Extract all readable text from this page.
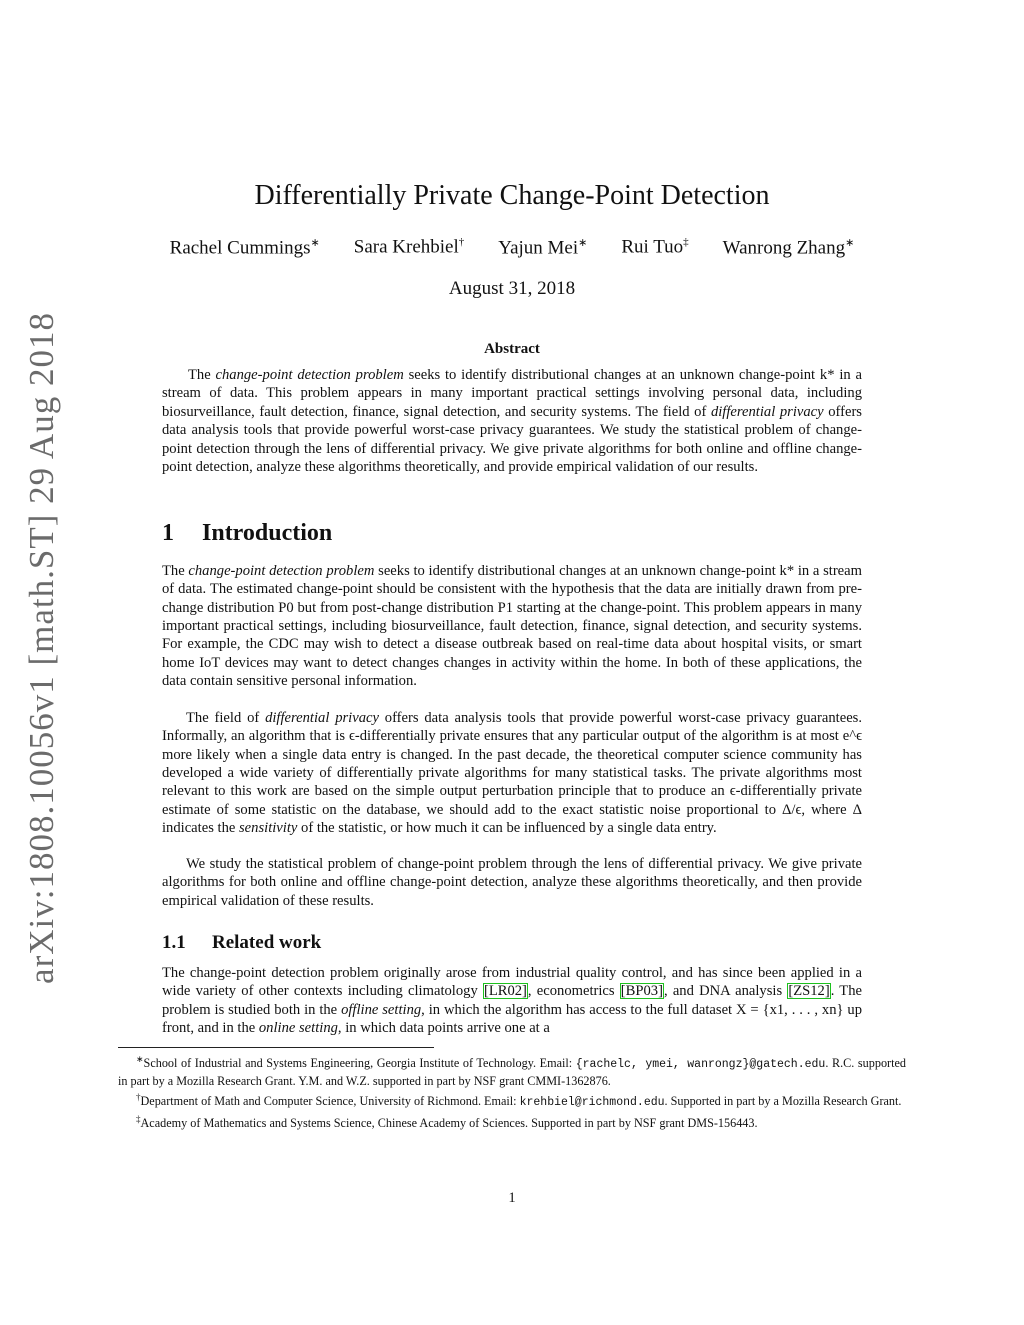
arXiv:1808.10056v1 [math.ST] 29 Aug 2018
Differentially Private Change-Point Detection
Rachel Cummings∗ Sara Krehbiel† Yajun Mei∗ Rui Tuo‡ Wanrong Zhang∗
August 31, 2018
Abstract

The change-point detection problem seeks to identify distributional changes at an unknown change-point k* in a stream of data. This problem appears in many important practical settings involving personal data, including biosurveillance, fault detection, finance, signal detection, and security systems. The field of differential privacy offers data analysis tools that provide powerful worst-case privacy guarantees. We study the statistical problem of change-point detection through the lens of differential privacy. We give private algorithms for both online and offline change-point detection, analyze these algorithms theoretically, and provide empirical validation of our results.

1 Introduction

The change-point detection problem seeks to identify distributional changes at an unknown change-point k* in a stream of data. The estimated change-point should be consistent with the hypothesis that the data are initially drawn from pre-change distribution P0 but from post-change distribution P1 starting at the change-point. This problem appears in many important practical settings, including biosurveillance, fault detection, finance, signal detection, and security systems. For example, the CDC may wish to detect a disease outbreak based on real-time data about hospital visits, or smart home IoT devices may want to detect changes changes in activity within the home. In both of these applications, the data contain sensitive personal information.

The field of differential privacy offers data analysis tools that provide powerful worst-case privacy guarantees. Informally, an algorithm that is ϵ-differentially private ensures that any particular output of the algorithm is at most e^ϵ more likely when a single data entry is changed. In the past decade, the theoretical computer science community has developed a wide variety of differentially private algorithms for many statistical tasks. The private algorithms most relevant to this work are based on the simple output perturbation principle that to produce an ϵ-differentially private estimate of some statistic on the database, we should add to the exact statistic noise proportional to Δ/ϵ, where Δ indicates the sensitivity of the statistic, or how much it can be influenced by a single data entry.

We study the statistical problem of change-point problem through the lens of differential privacy. We give private algorithms for both online and offline change-point detection, analyze these algorithms theoretically, and then provide empirical validation of these results.

1.1 Related work

The change-point detection problem originally arose from industrial quality control, and has since been applied in a wide variety of other contexts including climatology [LR02], econometrics [BP03], and DNA analysis [ZS12]. The problem is studied both in the offline setting, in which the algorithm has access to the full dataset X = {x1, . . . , xn} up front, and in the online setting, in which data points arrive one at a

∗School of Industrial and Systems Engineering, Georgia Institute of Technology. Email: {rachelc, ymei, wanrongz}@gatech.edu. R.C. supported in part by a Mozilla Research Grant. Y.M. and W.Z. supported in part by NSF grant CMMI-1362876.

†Department of Math and Computer Science, University of Richmond. Email: krehbiel@richmond.edu. Supported in part by a Mozilla Research Grant.

‡Academy of Mathematics and Systems Science, Chinese Academy of Sciences. Supported in part by NSF grant DMS-156443.

1
